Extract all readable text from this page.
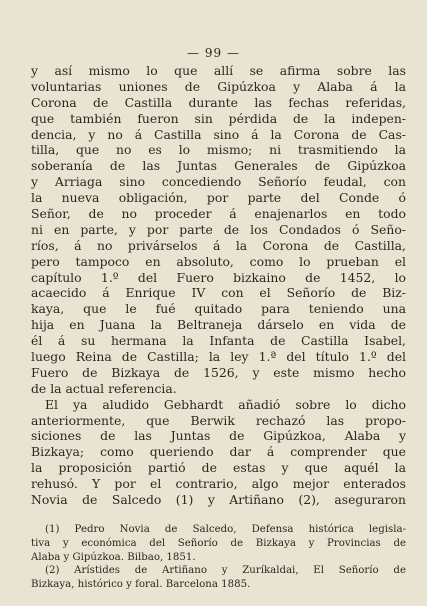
— 99 —
y así mismo lo que allí se afirma sobre las
voluntarias uniones de Gipúzkoa y Alaba á la
Corona de Castilla durante las fechas referidas,
que también fueron sin pérdida de la indepen-
dencia, y no á Castilla sino á la Corona de Cas-
tilla, que no es lo mismo; ni trasmitiendo la
soberanía de las Juntas Generales de Gipúzkoa
y Arriaga sino concediendo Señorío feudal, con
la nueva obligación, por parte del Conde ó
Señor, de no proceder á enajenarlos en todo
ni en parte, y por parte de los Condados ó Seño-
ríos, á no privárselos á la Corona de Castilla,
pero tampoco en absoluto, como lo prueban el
capítulo 1.º del Fuero bizkaino de 1452, lo
acaecido á Enrique IV con el Señorío de Biz-
kaya, que le fué quitado para teniendo una
hija en Juana la Beltraneja dárselo en vida de
él á su hermana la Infanta de Castilla Isabel,
luego Reina de Castilla; la ley 1.ª del título 1.º del
Fuero de Bizkaya de 1526, y este mismo hecho
de la actual referencia.
El ya aludido Gebhardt añadió sobre lo dicho
anteriormente, que Berwik rechazó las propo-
siciones de las Juntas de Gipúzkoa, Alaba y
Bizkaya; como queriendo dar á comprender que
la proposición partió de estas y que aquél la
rehusó. Y por el contrario, algo mejor enterados
Novia de Salcedo (1) y Artiñano (2), aseguraron
(1) Pedro Novia de Salcedo, Defensa histórica legisla-
tiva y económica del Señorío de Bizkaya y Provincias de
Alaba y Gipúzkoa. Bilbao, 1851.
(2) Arístides de Artiñano y Zuríkaldai, El Señorío de
Bizkaya, histórico y foral. Barcelona 1885.
